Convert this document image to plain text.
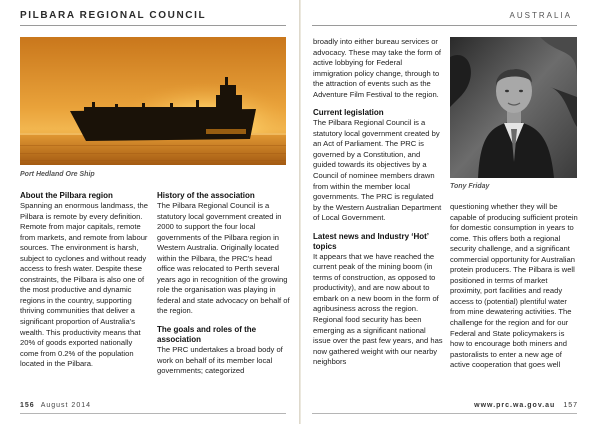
PILBARA REGIONAL COUNCIL	AUSTRALIA
Port Hedland Ore Ship
Tony Friday
About the Pilbara region

Spanning an enormous landmass, the Pilbara is remote by every definition. Remote from major capitals, remote from markets, and remote from labour sources. The environment is harsh, subject to cyclones and without ready access to fresh water. Despite these constraints, the Pilbara is also one of the most productive and dynamic regions in the country, supporting thriving communities that deliver a significant proportion of Australia's wealth. This productivity means that 20% of goods exported nationally come from 0.2% of the population located in the Pilbara.

History of the association

The Pilbara Regional Council is a statutory local government created in 2000 to support the four local governments of the Pilbara region in Western Australia. Originally located within the Pilbara, the PRC's head office was relocated to Perth several years ago in recognition of the growing role the organisation was playing in federal and state advocacy on behalf of the region.

The goals and roles of the association

The PRC undertakes a broad body of work on behalf of its member local governments; categorized

broadly into either bureau services or advocacy. These may take the form of active lobbying for Federal immigration policy change, through to the attraction of events such as the Adventure Film Festival to the region.

Current legislation

The Pilbara Regional Council is a statutory local government created by an Act of Parliament. The PRC is governed by a Constitution, and guided towards its objectives by a Council of nominee members drawn from within the member local governments. The PRC is regulated by the Western Australian Department of Local Government.

Latest news and Industry ‘Hot’ topics

It appears that we have reached the current peak of the mining boom (in terms of construction, as opposed to productivity), and are now about to embark on a new boom in the form of agribusiness across the region. Regional food security has been emerging as a significant national issue over the past few years, and has now gathered weight with our nearby neighbors

questioning whether they will be capable of producing sufficient protein for domestic consumption in years to come. This offers both a regional security challenge, and a significant commercial opportunity for Australian protein producers. The Pilbara is well positioned in terms of market proximity, port facilities and ready access to (potential) plentiful water from mine dewatering activities. The challenge for the region and for our Federal and State policymakers is how to encourage both miners and pastoralists to enter a new age of active cooperation that goes well

156 August 2014	www.prc.wa.gov.au 157
